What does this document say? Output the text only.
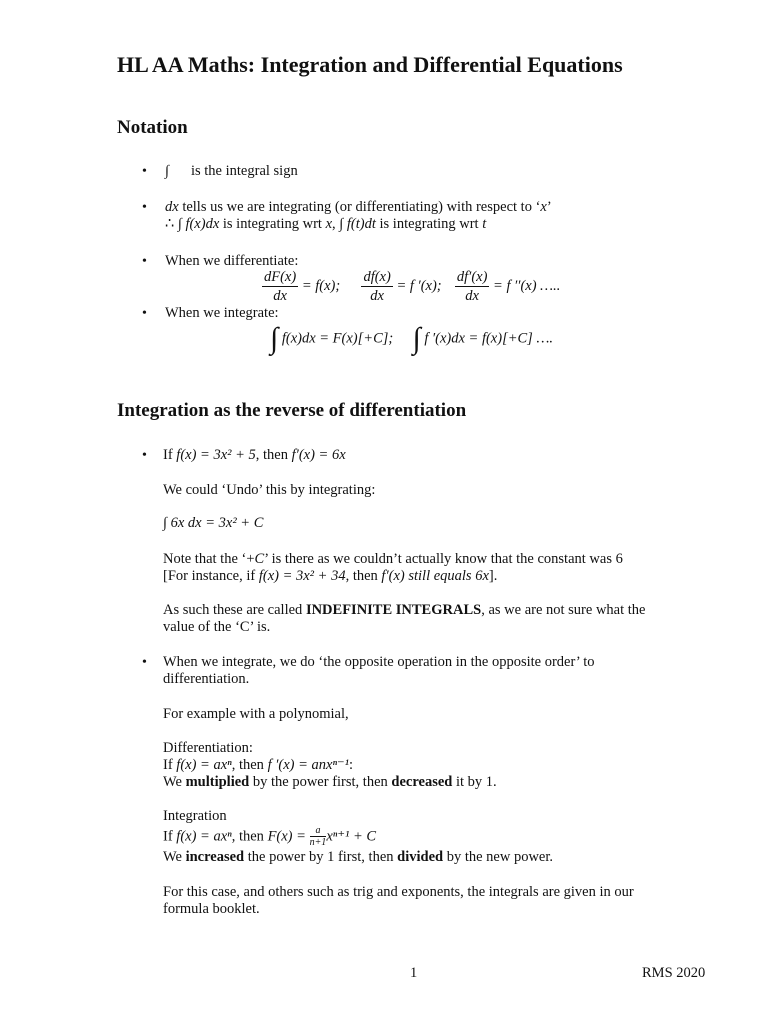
HL AA Maths: Integration and Differential Equations
Notation
• ∫ is the integral sign
• dx tells us we are integrating (or differentiating) with respect to ‘x’
∴ ∫ f(x)dx is integrating wrt x, ∫ f(t)dt is integrating wrt t
• When we differentiate:
$\frac{dF(x)}{dx} = f(x)$; $\frac{df(x)}{dx} = f$ ′(x); $\frac{df'(x)}{dx} = f$ ′′(x) …..
• When we integrate:
∫ f(x)dx = F(x)[+C]; ∫ f ′(x)dx = f(x)[+C] ….
Integration as the reverse of differentiation
• If f(x) = 3x² + 5, then f′(x) = 6x
We could ‘Undo’ this by integrating:
∫ 6x dx = 3x² + C
Note that the ‘+C’ is there as we couldn’t actually know that the constant was 6
[For instance, if f(x) = 3x² + 34, then f′(x) still equals 6x].
As such these are called INDEFINITE INTEGRALS, as we are not sure what the
value of the ‘C’ is.
• When we integrate, we do ‘the opposite operation in the opposite order’ to
differentiation.
For example with a polynomial,
Differentiation:
If f(x) = axⁿ, then f ′(x) = anxⁿ⁻¹:
We multiplied by the power first, then decreased it by 1.
Integration
If f(x) = axⁿ, then $F(x) = \frac{a}{n+1} x^{n+1} + C$
We increased the power by 1 first, then divided by the new power.
For this case, and others such as trig and exponents, the integrals are given in our
formula booklet.
1	RMS 2020
